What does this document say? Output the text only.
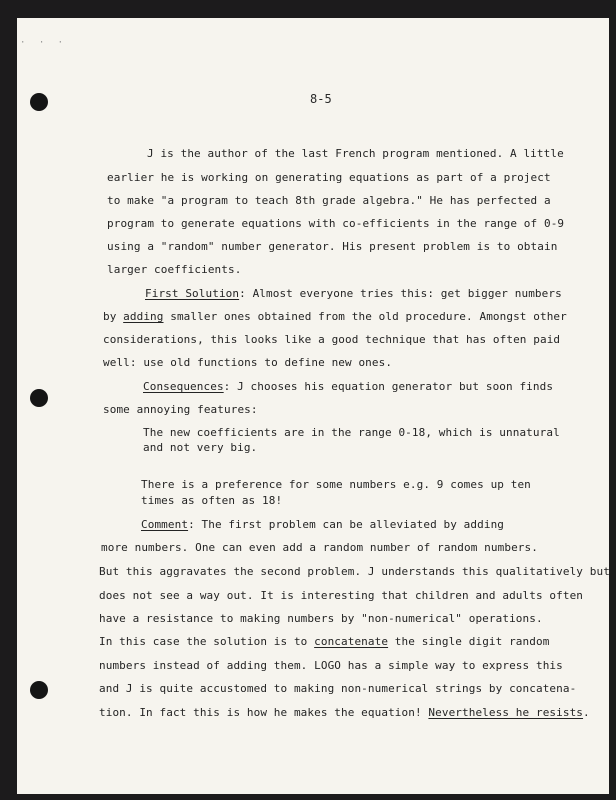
· · ·
8-5
J is the author of the last French program mentioned. A little
earlier he is working on generating equations as part of a project
to make "a program to teach 8th grade algebra." He has perfected a
program to generate equations with co-efficients in the range of 0-9
using a "random" number generator. His present problem is to obtain
larger coefficients.
First Solution: Almost everyone tries this: get bigger numbers
by adding smaller ones obtained from the old procedure. Amongst other
considerations, this looks like a good technique that has often paid
well: use old functions to define new ones.
Consequences: J chooses his equation generator but soon finds
some annoying features:
The new coefficients are in the range 0-18, which is unnatural
and not very big.
There is a preference for some numbers e.g. 9 comes up ten
times as often as 18!
Comment: The first problem can be alleviated by adding
more numbers. One can even add a random number of random numbers.
But this aggravates the second problem. J understands this qualitatively but
does not see a way out. It is interesting that children and adults often
have a resistance to making numbers by "non-numerical" operations.
In this case the solution is to concatenate the single digit random
numbers instead of adding them. LOGO has a simple way to express this
and J is quite accustomed to making non-numerical strings by concatena-
tion. In fact this is how he makes the equation! Nevertheless he resists.
